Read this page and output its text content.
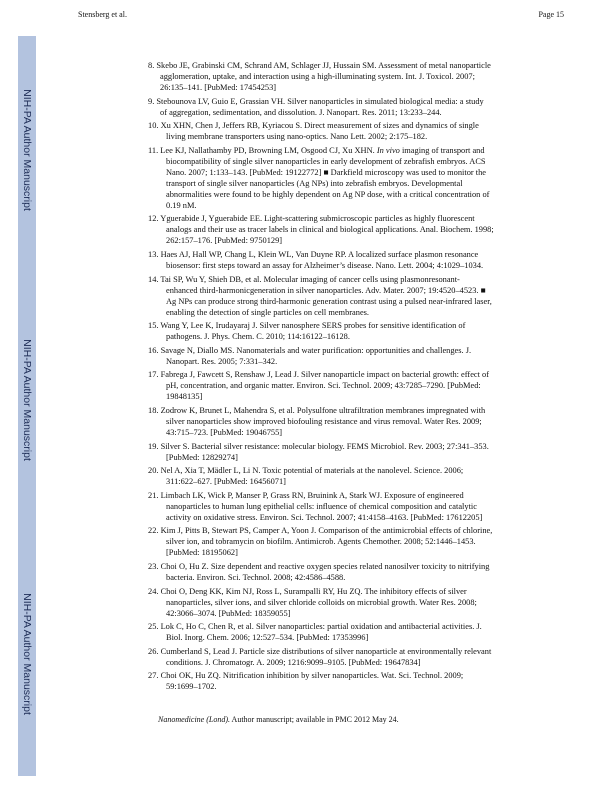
NIH-PA Author Manuscript
NIH-PA Author Manuscript
NIH-PA Author Manuscript
Stensberg et al.	Page 15
8. Skebo JE, Grabinski CM, Schrand AM, Schlager JJ, Hussain SM. Assessment of metal nanoparticle
agglomeration, uptake, and interaction using a high-illuminating system. Int. J. Toxicol. 2007;
26:135–141. [PubMed: 17454253]
9. Stebounova LV, Guio E, Grassian VH. Silver nanoparticles in simulated biological media: a study
of aggregation, sedimentation, and dissolution. J. Nanopart. Res. 2011; 13:233–244.
10. Xu XHN, Chen J, Jeffers RB, Kyriacou S. Direct measurement of sizes and dynamics of single
living membrane transporters using nano-optics. Nano Lett. 2002; 2:175–182.
11. Lee KJ, Nallathamby PD, Browning LM, Osgood CJ, Xu XHN. In vivo imaging of transport and
biocompatibility of single silver nanoparticles in early development of zebrafish embryos. ACS
Nano. 2007; 1:133–143. [PubMed: 19122772] ■ Darkfield microscopy was used to monitor the
transport of single silver nanoparticles (Ag NPs) into zebrafish embryos. Developmental
abnormalities were found to be highly dependent on Ag NP dose, with a critical concentration of
0.19 nM.
12. Yguerabide J, Yguerabide EE. Light-scattering submicroscopic particles as highly fluorescent
analogs and their use as tracer labels in clinical and biological applications. Anal. Biochem. 1998;
262:157–176. [PubMed: 9750129]
13. Haes AJ, Hall WP, Chang L, Klein WL, Van Duyne RP. A localized surface plasmon resonance
biosensor: first steps toward an assay for Alzheimer’s disease. Nano. Lett. 2004; 4:1029–1034.
14. Tai SP, Wu Y, Shieh DB, et al. Molecular imaging of cancer cells using plasmonresonant-
enhanced third-harmonicgeneration in silver nanoparticles. Adv. Mater. 2007; 19:4520–4523. ■
Ag NPs can produce strong third-harmonic generation contrast using a pulsed near-infrared laser,
enabling the detection of single particles on cell membranes.
15. Wang Y, Lee K, Irudayaraj J. Silver nanosphere SERS probes for sensitive identification of
pathogens. J. Phys. Chem. C. 2010; 114:16122–16128.
16. Savage N, Diallo MS. Nanomaterials and water purification: opportunities and challenges. J.
Nanopart. Res. 2005; 7:331–342.
17. Fabrega J, Fawcett S, Renshaw J, Lead J. Silver nanoparticle impact on bacterial growth: effect of
pH, concentration, and organic matter. Environ. Sci. Technol. 2009; 43:7285–7290. [PubMed:
19848135]
18. Zodrow K, Brunet L, Mahendra S, et al. Polysulfone ultrafiltration membranes impregnated with
silver nanoparticles show improved biofouling resistance and virus removal. Water Res. 2009;
43:715–723. [PubMed: 19046755]
19. Silver S. Bacterial silver resistance: molecular biology. FEMS Microbiol. Rev. 2003; 27:341–353.
[PubMed: 12829274]
20. Nel A, Xia T, Mädler L, Li N. Toxic potential of materials at the nanolevel. Science. 2006;
311:622–627. [PubMed: 16456071]
21. Limbach LK, Wick P, Manser P, Grass RN, Bruinink A, Stark WJ. Exposure of engineered
nanoparticles to human lung epithelial cells: influence of chemical composition and catalytic
activity on oxidative stress. Environ. Sci. Technol. 2007; 41:4158–4163. [PubMed: 17612205]
22. Kim J, Pitts B, Stewart PS, Camper A, Yoon J. Comparison of the antimicrobial effects of chlorine,
silver ion, and tobramycin on biofilm. Antimicrob. Agents Chemother. 2008; 52:1446–1453.
[PubMed: 18195062]
23. Choi O, Hu Z. Size dependent and reactive oxygen species related nanosilver toxicity to nitrifying
bacteria. Environ. Sci. Technol. 2008; 42:4586–4588.
24. Choi O, Deng KK, Kim NJ, Ross L, Surampalli RY, Hu ZQ. The inhibitory effects of silver
nanoparticles, silver ions, and silver chloride colloids on microbial growth. Water Res. 2008;
42:3066–3074. [PubMed: 18359055]
25. Lok C, Ho C, Chen R, et al. Silver nanoparticles: partial oxidation and antibacterial activities. J.
Biol. Inorg. Chem. 2006; 12:527–534. [PubMed: 17353996]
26. Cumberland S, Lead J. Particle size distributions of silver nanoparticle at environmentally relevant
conditions. J. Chromatogr. A. 2009; 1216:9099–9105. [PubMed: 19647834]
27. Choi OK, Hu ZQ. Nitrification inhibition by silver nanoparticles. Wat. Sci. Technol. 2009;
59:1699–1702.
Nanomedicine (Lond). Author manuscript; available in PMC 2012 May 24.
